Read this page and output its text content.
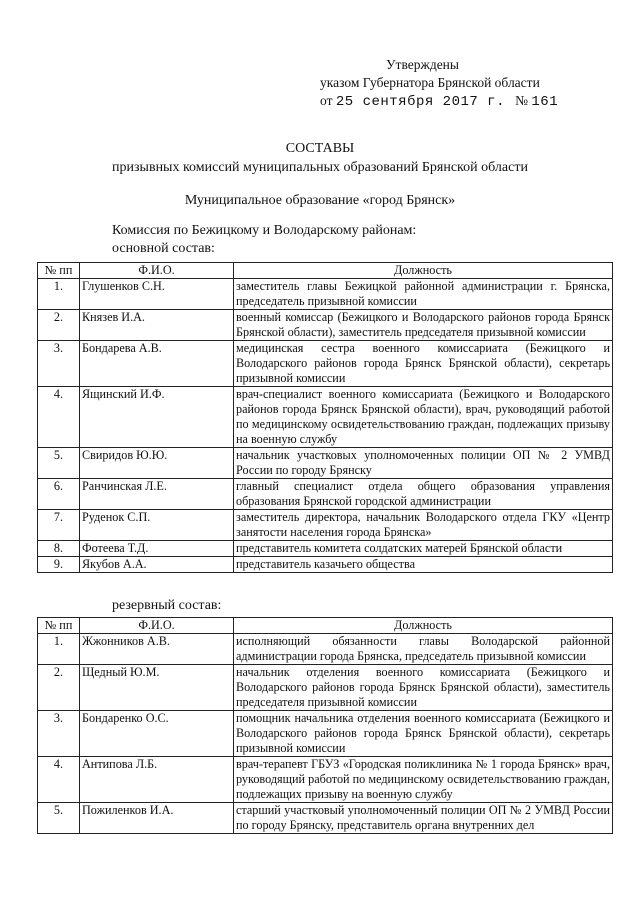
Утверждены
указом Губернатора Брянской области
от 25 сентября 2017 г. № 161
СОСТАВЫ
призывных комиссий муниципальных образований Брянской области
Муниципальное образование «город Брянск»
Комиссия по Бежицкому и Володарскому районам:
основной состав:
№ пп	Ф.И.О.	Должность
1.	Глушенков С.Н.	заместитель главы Бежицкой районной администрации г. Брянска, председатель призывной комиссии
2.	Князев И.А.	военный комиссар (Бежицкого и Володарского районов города Брянск Брянской области), заместитель председателя призывной комиссии
3.	Бондарева А.В.	медицинская сестра военного комиссариата (Бежицкого и Володарского районов города Брянск Брянской области), секретарь призывной комиссии
4.	Ящинский И.Ф.	врач-специалист военного комиссариата (Бежицкого и Володарского районов города Брянск Брянской области), врач, руководящий работой по медицинскому освидетельствованию граждан, подлежащих призыву на военную службу
5.	Свиридов Ю.Ю.	начальник участковых уполномоченных полиции ОП № 2 УМВД России по городу Брянску
6.	Ранчинская Л.Е.	главный специалист отдела общего образования управления образования Брянской городской администрации
7.	Руденок С.П.	заместитель директора, начальник Володарского отдела ГКУ «Центр занятости населения города Брянска»
8.	Фотеева Т.Д.	представитель комитета солдатских матерей Брянской области
9.	Якубов А.А.	представитель казачьего общества
резервный состав:
№ пп	Ф.И.О.	Должность
1.	Жжонников А.В.	исполняющий обязанности главы Володарской районной администрации города Брянска, председатель призывной комиссии
2.	Щедный Ю.М.	начальник отделения военного комиссариата (Бежицкого и Володарского районов города Брянск Брянской области), заместитель председателя призывной комиссии
3.	Бондаренко О.С.	помощник начальника отделения военного комиссариата (Бежицкого и Володарского районов города Брянск Брянской области), секретарь призывной комиссии
4.	Антипова Л.Б.	врач-терапевт ГБУЗ «Городская поликлиника № 1 города Брянск» врач, руководящий работой по медицинскому освидетельствованию граждан, подлежащих призыву на военную службу
5.	Пожиленков И.А.	старший участковый уполномоченный полиции ОП № 2 УМВД России по городу Брянску, представитель органа внутренних дел
